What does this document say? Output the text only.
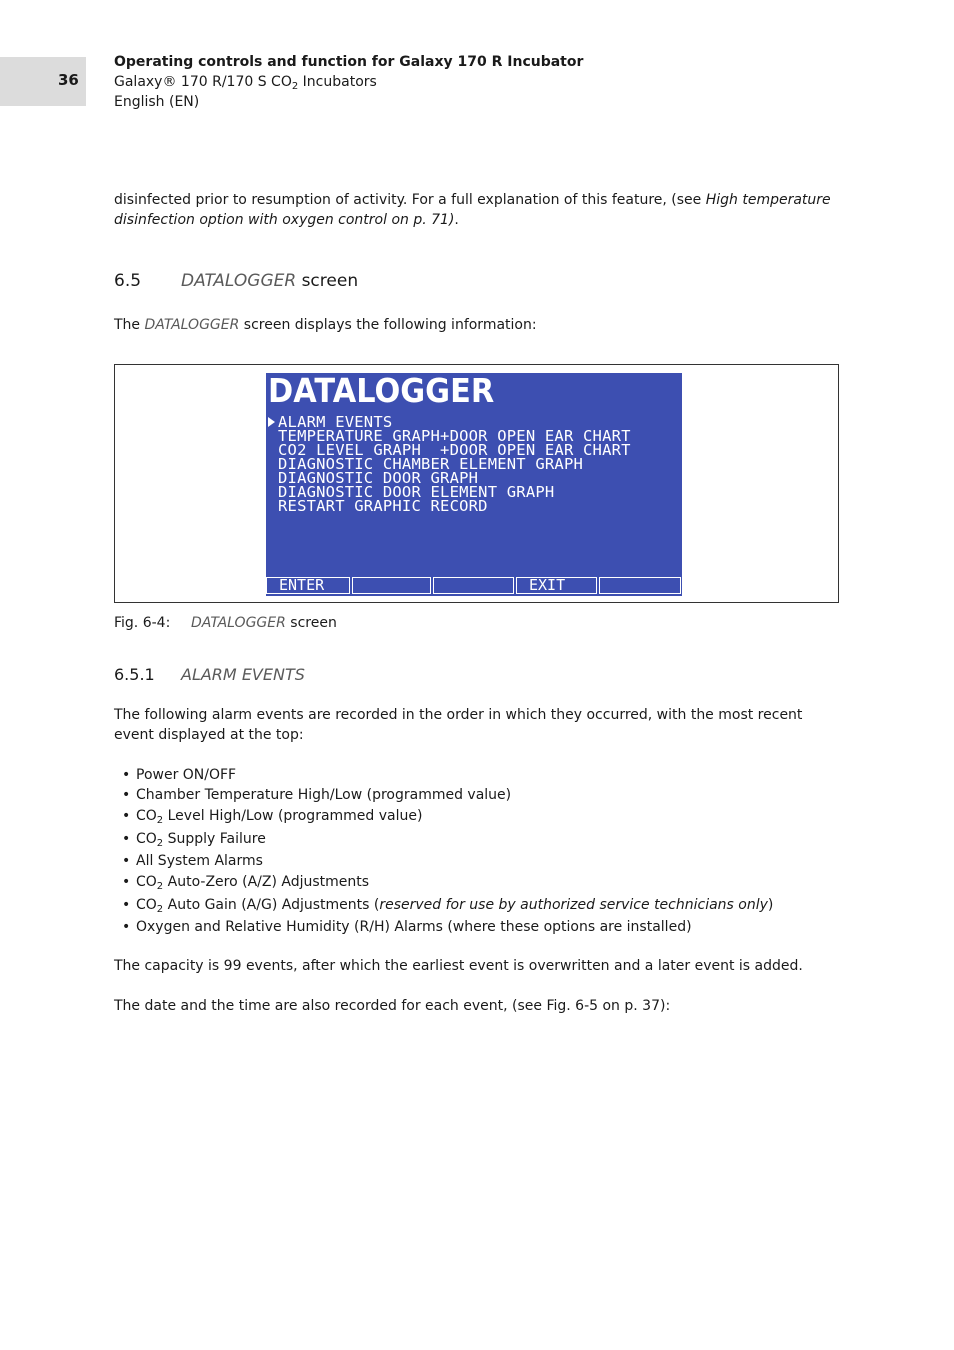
36
Operating controls and function for Galaxy 170 R Incubator
Galaxy® 170 R/170 S $CO_2$ Incubators
English (EN)
disinfected prior to resumption of activity. For a full explanation of this feature, (see High temperature disinfection option with oxygen control on p. 71).
6.5 DATALOGGER screen
The DATALOGGER screen displays the following information:
DATALOGGER
ALARM EVENTS
TEMPERATURE GRAPH+DOOR OPEN EAR CHART
CO2 LEVEL GRAPH  +DOOR OPEN EAR CHART
DIAGNOSTIC CHAMBER ELEMENT GRAPH
DIAGNOSTIC DOOR GRAPH
DIAGNOSTIC DOOR ELEMENT GRAPH
RESTART GRAPHIC RECORD
ENTER	EXIT
Fig. 6-4: DATALOGGER screen
6.5.1 ALARM EVENTS
The following alarm events are recorded in the order in which they occurred, with the most recent event displayed at the top:
• Power ON/OFF
• Chamber Temperature High/Low (programmed value)
• $CO_2$ Level High/Low (programmed value)
• $CO_2$ Supply Failure
• All System Alarms
• $CO_2$ Auto-Zero (A/Z) Adjustments
• $CO_2$ Auto Gain (A/G) Adjustments (reserved for use by authorized service technicians only)
• Oxygen and Relative Humidity (R/H) Alarms (where these options are installed)
The capacity is 99 events, after which the earliest event is overwritten and a later event is added.
The date and the time are also recorded for each event, (see Fig. 6-5 on p. 37):
